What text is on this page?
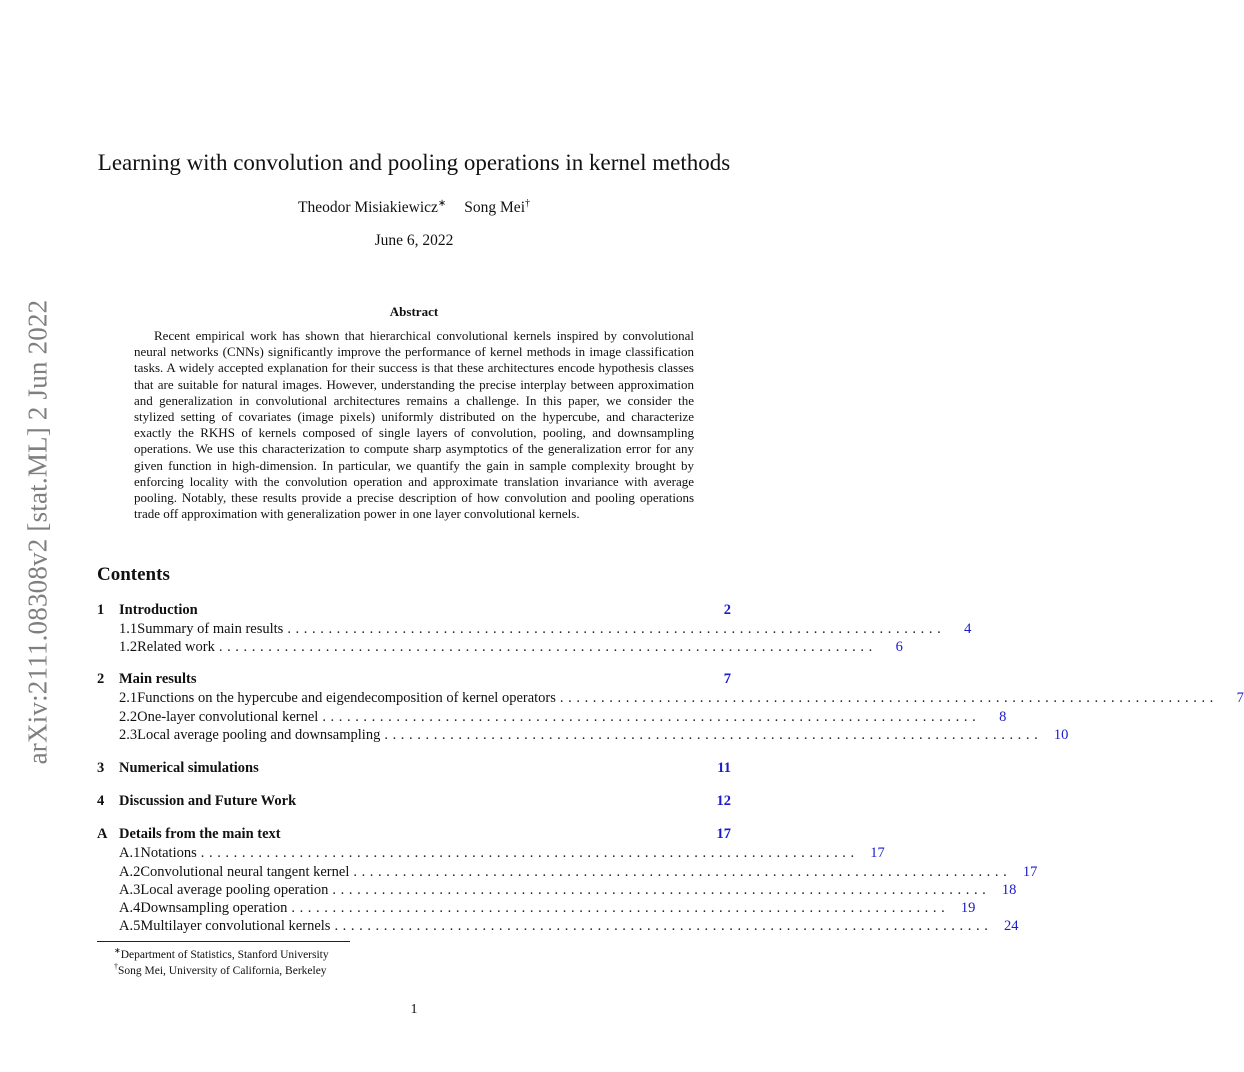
arXiv:2111.08308v2 [stat.ML] 2 Jun 2022
Learning with convolution and pooling operations in kernel methods
Theodor Misiakiewicz∗ Song Mei†
June 6, 2022
Abstract

Recent empirical work has shown that hierarchical convolutional kernels inspired by convolutional neural networks (CNNs) significantly improve the performance of kernel methods in image classification tasks. A widely accepted explanation for their success is that these architectures encode hypothesis classes that are suitable for natural images. However, understanding the precise interplay between approximation and generalization in convolutional architectures remains a challenge. In this paper, we consider the stylized setting of covariates (image pixels) uniformly distributed on the hypercube, and characterize exactly the RKHS of kernels composed of single layers of convolution, pooling, and downsampling operations. We use this characterization to compute sharp asymptotics of the generalization error for any given function in high-dimension. In particular, we quantify the gain in sample complexity brought by enforcing locality with the convolution operation and approximate translation invariance with average pooling. Notably, these results provide a precise description of how convolution and pooling operations trade off approximation with generalization power in one layer convolutional kernels.

Contents
1	Introduction	2
1.1 Summary of main results ................................................................................	4
1.2 Related work ................................................................................	6
2	Main results	7
2.1 Functions on the hypercube and eigendecomposition of kernel operators ................................................................................	7
2.2 One-layer convolutional kernel ................................................................................	8
2.3 Local average pooling and downsampling ................................................................................ 10
3	Numerical simulations	11
4	Discussion and Future Work	12
A Details from the main text	17
A.1 Notations ................................................................................ 17
A.2 Convolutional neural tangent kernel ................................................................................ 17
A.3 Local average pooling operation ................................................................................ 18
A.4 Downsampling operation ................................................................................ 19
A.5 Multilayer convolutional kernels ................................................................................ 24
∗Department of Statistics, Stanford University
†Song Mei, University of California, Berkeley
1
